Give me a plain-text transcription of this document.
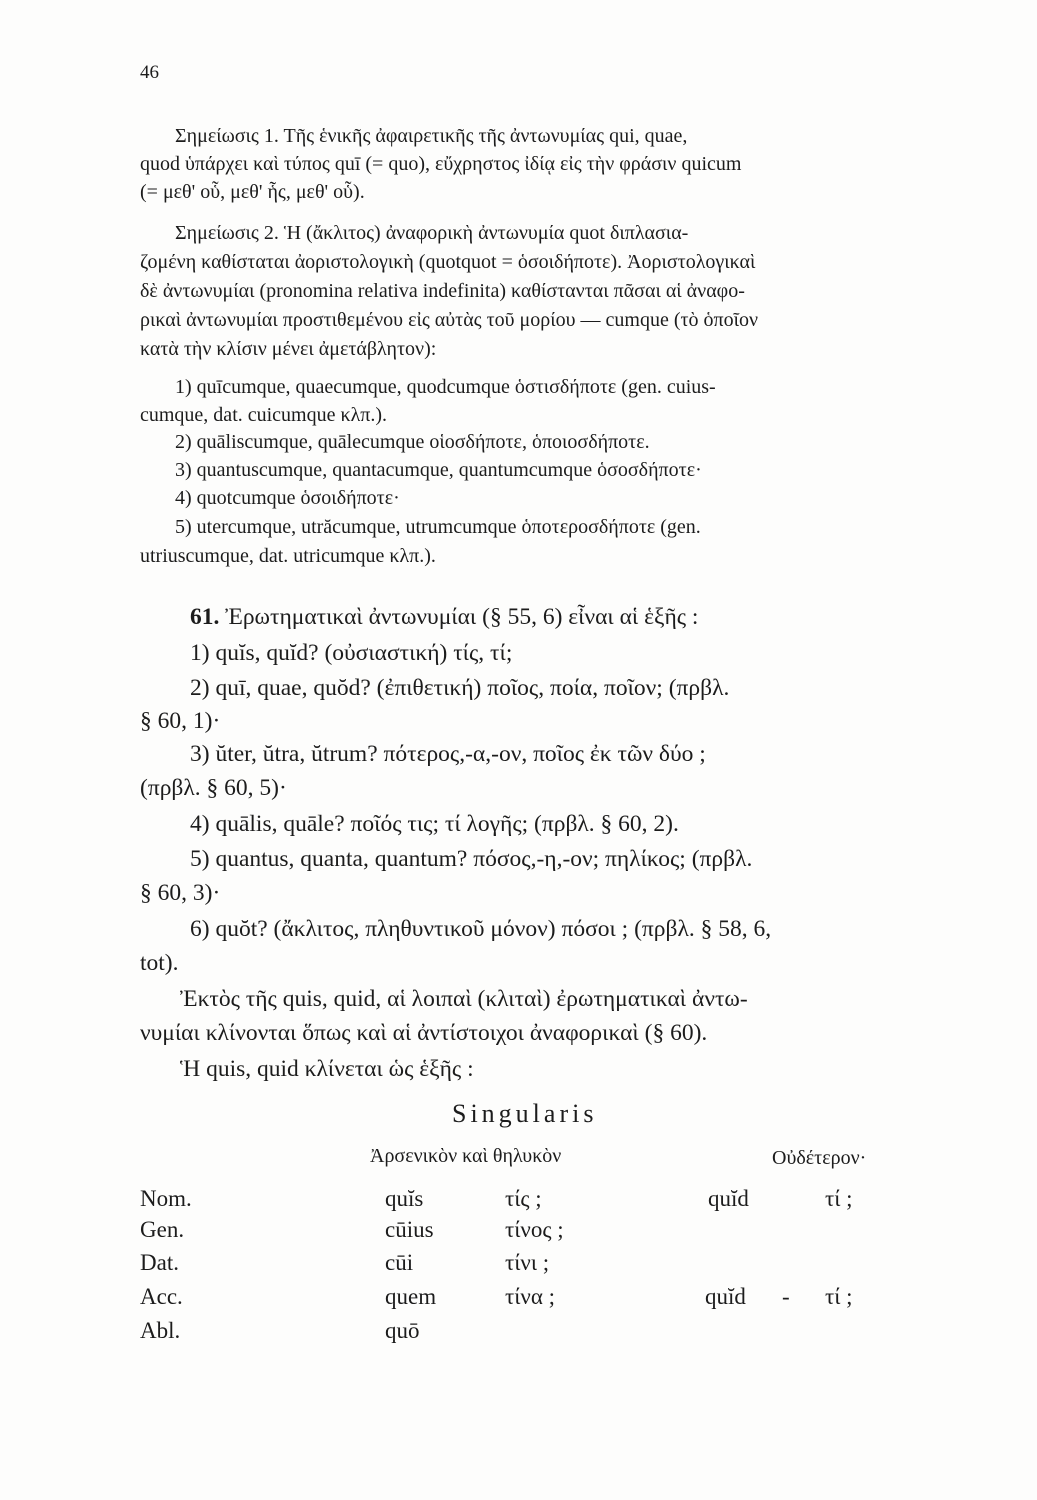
46
Σημείωσις 1. Τῆς ἑνικῆς ἀφαιρετικῆς τῆς ἀντωνυμίας qui, quae,
quod ὑπάρχει καὶ τύπος quī (= quo), εὔχρηστος ἰδίᾳ εἰς τὴν φράσιν quicum
(= μεθ' οὗ, μεθ' ἧς, μεθ' οὗ).
Σημείωσις 2. Ἡ (ἄκλιτος) ἀναφορικὴ ἀντωνυμία quot διπλασια-
ζομένη καθίσταται ἀοριστολογικὴ (quotquot = ὁσοιδήποτε). Ἀοριστολογικαὶ
δὲ ἀντωνυμίαι (pronomina relativa indefinita) καθίστανται πᾶσαι αἱ ἀναφο-
ρικαὶ ἀντωνυμίαι προστιθεμένου εἰς αὐτὰς τοῦ μορίου — cumque (τὸ ὁποῖον
κατὰ τὴν κλίσιν μένει ἀμετάβλητον):
1) quīcumque, quaecumque, quodcumque ὁστισδήποτε (gen. cuius-
cumque, dat. cuicumque κλπ.).
2) quāliscumque, quālecumque οἱοσδήποτε, ὁποιοσδήποτε.
3) quantuscumque, quantacumque, quantumcumque ὁσοσδήποτε·
4) quotcumque ὁσοιδήποτε·
5) utercumque, utrăcumque, utrumcumque ὁποτεροσδήποτε (gen.
utriuscumque, dat. utricumque κλπ.).
61. Ἐρωτηματικαὶ ἀντωνυμίαι (§ 55, 6) εἶναι αἱ ἑξῆς :
1) quĭs, quĭd? (οὐσιαστική) τίς, τί;
2) quī, quae, quŏd? (ἐπιθετική) ποῖος, ποία, ποῖον; (πρβλ.
§ 60, 1)·
3) ŭter, ŭtra, ŭtrum? πότερος,-α,-ον, ποῖος ἐκ τῶν δύο ;
(πρβλ. § 60, 5)·
4) quālis, quāle? ποῖός τις; τί λογῆς; (πρβλ. § 60, 2).
5) quantus, quanta, quantum? πόσος,-η,-ον; πηλίκος; (πρβλ.
§ 60, 3)·
6) quŏt? (ἄκλιτος, πληθυντικοῦ μόνον) πόσοι ; (πρβλ. § 58, 6,
tot).
Ἐκτὸς τῆς quis, quid, αἱ λοιπαὶ (κλιταὶ) ἐρωτηματικαὶ ἀντω-
νυμίαι κλίνονται ὅπως καὶ αἱ ἀντίστοιχοι ἀναφορικαὶ (§ 60).
Ἡ quis, quid κλίνεται ὡς ἑξῆς :
Singularis
Ἀρσενικὸν καὶ θηλυκὸν	Οὐδέτερον·
Nom.	quĭs	τίς ;	quĭd	τί ;
Gen.	cūius	τίνος ;
Dat.	cūi	τίνι ;
Acc.	quem	τίνα ;	quĭd - τί ;
Abl.	quō
